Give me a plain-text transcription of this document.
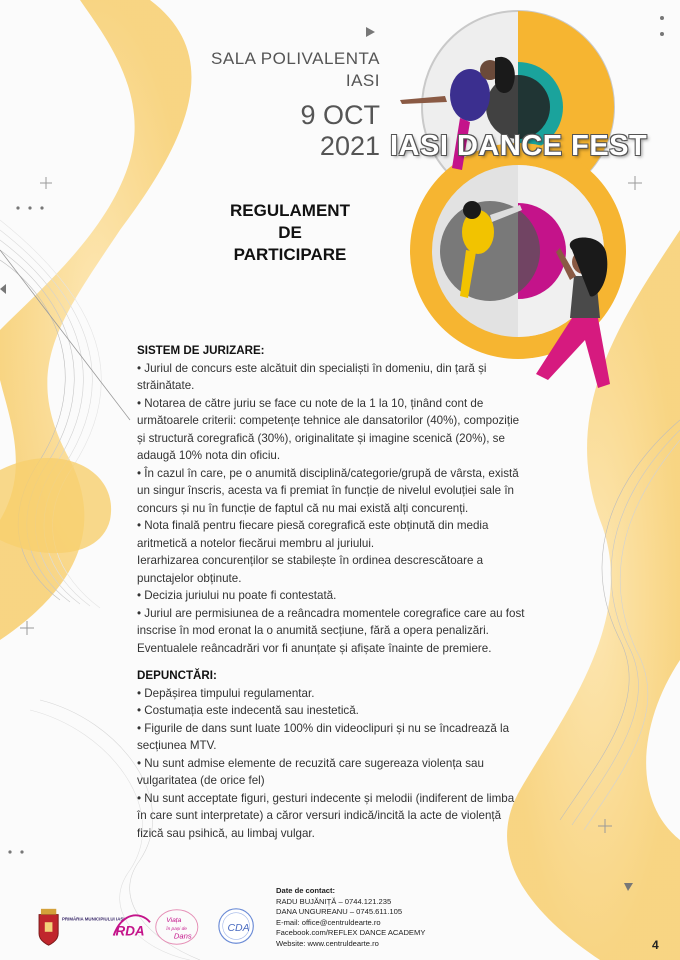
SALA POLIVALENTA
IASI
9 OCT
2021 IASI DANCE FEST
REGULAMENT
DE
PARTICIPARE

SISTEM DE JURIZARE:

• Juriul de concurs este alcătuit din specialiști în domeniu, din țară și străinătate.

• Notarea de către juriu se face cu note de la 1 la 10, ținând cont de următoarele criterii: competențe tehnice ale dansatorilor (40%), compoziție și structură coregrafică (30%), originalitate și imagine scenică (20%), se adaugă 10% nota din oficiu.

• În cazul în care, pe o anumită disciplină/categorie/grupă de vârsta, există un singur înscris, acesta va fi premiat în funcție de nivelul evoluției sale în concurs și nu în funcție de faptul că nu mai există alți concurenți.

• Nota finală pentru fiecare piesă coregrafică este obținută din media aritmetică a notelor fiecărui membru al juriului.

Ierarhizarea concurenților se stabilește în ordinea descrescătoare a punctajelor obținute.

• Decizia juriului nu poate fi contestată.

• Juriul are permisiunea de a reâncadra momentele coregrafice care au fost inscrise în mod eronat la o anumită secțiune, fără a opera penalizări. Eventualele reâncadrări vor fi anunțate și afișate înainte de premiere.

DEPUNCTĂRI:

• Depășirea timpului regulamentar.

• Costumația este indecentă sau inestetică.

• Figurile de dans sunt luate 100% din videoclipuri și nu se încadrează la secțiunea MTV.

• Nu sunt admise elemente de recuzită care sugereaza violența sau vulgaritatea (de orice fel)

• Nu sunt acceptate figuri, gesturi indecente și melodii (indiferent de limba în care sunt interpretate) a căror versuri indică/incită la acte de violență fizică sau psihică, au limbaj vulgar.

PRIMĂRIA MUNICIPIULUI IAȘI
RDA
Viața
în pași de
Dans
CDA
Date de contact:
RADU BUJĂNIȚĂ – 0744.121.235
DANA UNGUREANU – 0745.611.105
E-mail: office@centruldearte.ro
Facebook.com/REFLEX DANCE ACADEMY
Website: www.centruldearte.ro	4
